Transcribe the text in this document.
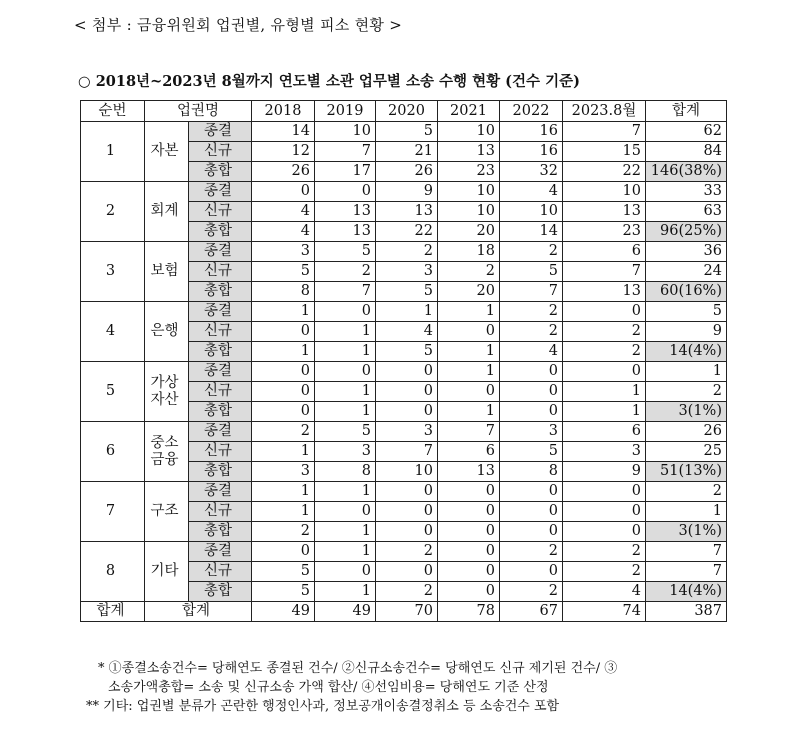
< 첨부 : 금융위원회 업권별, 유형별 피소 현황 >
○ 2018년~2023년 8월까지 연도별 소관 업무별 소송 수행 현황 (건수 기준)
순번	업권명		2018	2019	2020	2021	2022	2023.8월	합계
1	자본	종결	14	10	5	10	16	7	62
		신규	12	7	21	13	16	15	84
		총합	26	17	26	23	32	22	146(38%)
2	회계	종결	0	0	9	10	4	10	33
		신규	4	13	13	10	10	13	63
		총합	4	13	22	20	14	23	96(25%)
3	보험	종결	3	5	2	18	2	6	36
		신규	5	2	3	2	5	7	24
		총합	8	7	5	20	7	13	60(16%)
4	은행	종결	1	0	1	1	2	0	5
		신규	0	1	4	0	2	2	9
		총합	1	1	5	1	4	2	14(4%)
5	가상
자산	종결	0	0	0	1	0	0	1
		신규	0	1	0	0	0	1	2
		총합	0	1	0	1	0	1	3(1%)
6	중소
금융	종결	2	5	3	7	3	6	26
		신규	1	3	7	6	5	3	25
		총합	3	8	10	13	8	9	51(13%)
7	구조	종결	1	1	0	0	0	0	2
		신규	1	0	0	0	0	0	1
		총합	2	1	0	0	0	0	3(1%)
8	기타	종결	0	1	2	0	2	2	7
		신규	5	0	0	0	0	2	7
		총합	5	1	2	0	2	4	14(4%)
합계	합계		49	49	70	78	67	74	387

* ①종결소송건수= 당해연도 종결된 건수/ ②신규소송건수= 당해연도 신규 제기된 건수/ ③

소송가액총합= 소송 및 신규소송 가액 합산/ ④선임비용= 당해연도 기준 산정

** 기타: 업권별 분류가 곤란한 행정인사과, 정보공개이송결정취소 등 소송건수 포함
